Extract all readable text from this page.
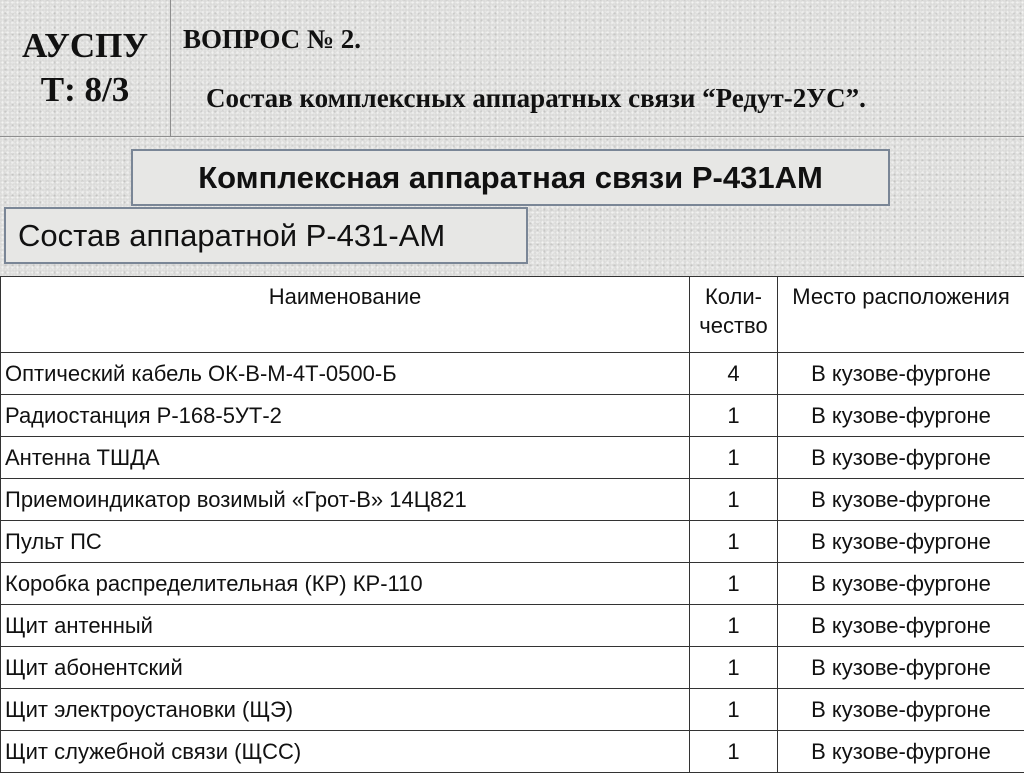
АУСПУ
Т: 8/3
ВОПРОС № 2.
Состав комплексных аппаратных связи “Редут-2УС”.
Комплексная аппаратная связи Р-431АМ
Состав аппаратной Р-431-АМ
Наименование	Коли-чество	Место расположения
Оптический кабель ОК-В-М-4Т-0500-Б	4	В кузове-фургоне
Радиостанция Р-168-5УТ-2	1	В кузове-фургоне
Антенна ТШДА	1	В кузове-фургоне
Приемоиндикатор возимый «Грот-В» 14Ц821	1	В кузове-фургоне
Пульт ПС	1	В кузове-фургоне
Коробка распределительная (КР) КР-110	1	В кузове-фургоне
Щит антенный	1	В кузове-фургоне
Щит абонентский	1	В кузове-фургоне
Щит электроустановки (ЩЭ)	1	В кузове-фургоне
Щит служебной связи (ЩСС)	1	В кузове-фургоне
